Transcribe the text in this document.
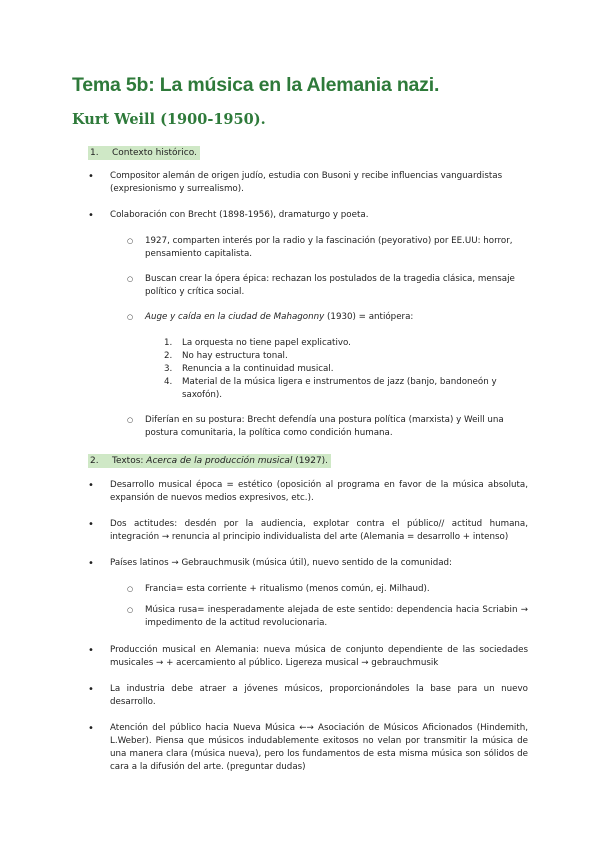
Tema 5b: La música en la Alemania nazi.
Kurt Weill (1900-1950).
1. Contexto histórico.
• Compositor alemán de origen judío, estudia con Busoni y recibe influencias vanguardistas (expresionismo y surrealismo).
• Colaboración con Brecht (1898-1956), dramaturgo y poeta.
○ 1927, comparten interés por la radio y la fascinación (peyorativo) por EE.UU: horror, pensamiento capitalista.
○ Buscan crear la ópera épica: rechazan los postulados de la tragedia clásica, mensaje político y crítica social.
○ Auge y caída en la ciudad de Mahagonny (1930) = antiópera:
1. La orquesta no tiene papel explicativo.
2. No hay estructura tonal.
3. Renuncia a la continuidad musical.
4. Material de la música ligera e instrumentos de jazz (banjo, bandoneón y saxofón).
○ Diferían en su postura: Brecht defendía una postura política (marxista) y Weill una postura comunitaria, la política como condición humana.
2. Textos: Acerca de la producción musical (1927).
• Desarrollo musical época = estético (oposición al programa en favor de la música absoluta, expansión de nuevos medios expresivos, etc.).
• Dos actitudes: desdén por la audiencia, explotar contra el público// actitud humana, integración → renuncia al principio individualista del arte (Alemania = desarrollo + intenso)
• Países latinos → Gebrauchmusik (música útil), nuevo sentido de la comunidad:
○ Francia= esta corriente + ritualismo (menos común, ej. Milhaud).
○ Música rusa= inesperadamente alejada de este sentido: dependencia hacia Scriabin → impedimento de la actitud revolucionaria.
• Producción musical en Alemania: nueva música de conjunto dependiente de las sociedades musicales → + acercamiento al público. Ligereza musical → gebrauchmusik
• La industria debe atraer a jóvenes músicos, proporcionándoles la base para un nuevo desarrollo.
• Atención del público hacia Nueva Música ←→ Asociación de Músicos Aficionados (Hindemith, L.Weber). Piensa que músicos indudablemente exitosos no velan por transmitir la música de una manera clara (música nueva), pero los fundamentos de esta misma música son sólidos de cara a la difusión del arte. (preguntar dudas)
